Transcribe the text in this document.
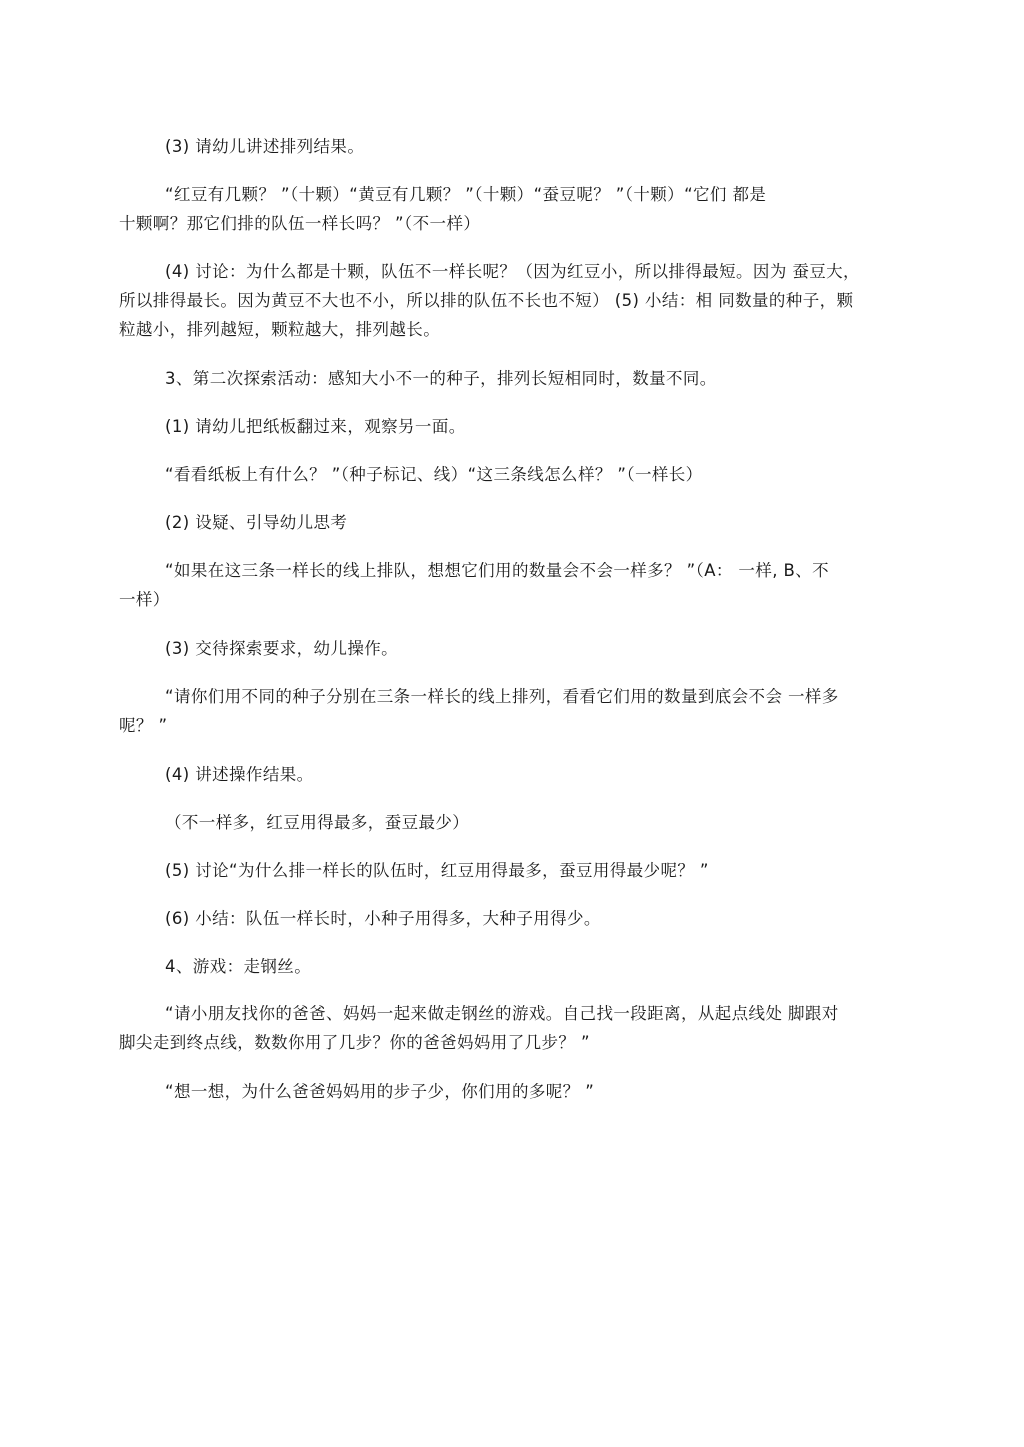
(3) 请幼儿讲述排列结果。

“红豆有几颗？ ”（十颗）“黄豆有几颗？ ”（十颗）“蚕豆呢？ ”（十颗）“它们 都是
十颗啊？那它们排的队伍一样长吗？ ”（不一样）

(4) 讨论：为什么都是十颗，队伍不一样长呢？（因为红豆小，所以排得最短。因为 蚕豆大，
所以排得最长。因为黄豆不大也不小，所以排的队伍不长也不短） (5) 小结：相 同数量的种子，颗
粒越小，排列越短，颗粒越大，排列越长。

3、第二次探索活动：感知大小不一的种子，排列长短相同时，数量不同。

(1) 请幼儿把纸板翻过来，观察另一面。

“看看纸板上有什么？ ”（种子标记、线）“这三条线怎么样？ ”（一样长）

(2) 设疑、引导幼儿思考

“如果在这三条一样长的线上排队，想想它们用的数量会不会一样多？ ”（A： 一样, B、不
一样）

(3) 交待探索要求，幼儿操作。

“请你们用不同的种子分别在三条一样长的线上排列，看看它们用的数量到底会不会 一样多
呢？ ”

(4) 讲述操作结果。

（不一样多，红豆用得最多，蚕豆最少）

(5) 讨论“为什么排一样长的队伍时，红豆用得最多，蚕豆用得最少呢？ ”

(6) 小结：队伍一样长时，小种子用得多，大种子用得少。

4、游戏：走钢丝。

“请小朋友找你的爸爸、妈妈一起来做走钢丝的游戏。自己找一段距离，从起点线处 脚跟对
脚尖走到终点线，数数你用了几步？你的爸爸妈妈用了几步？ ”

“想一想，为什么爸爸妈妈用的步子少，你们用的多呢？ ”
